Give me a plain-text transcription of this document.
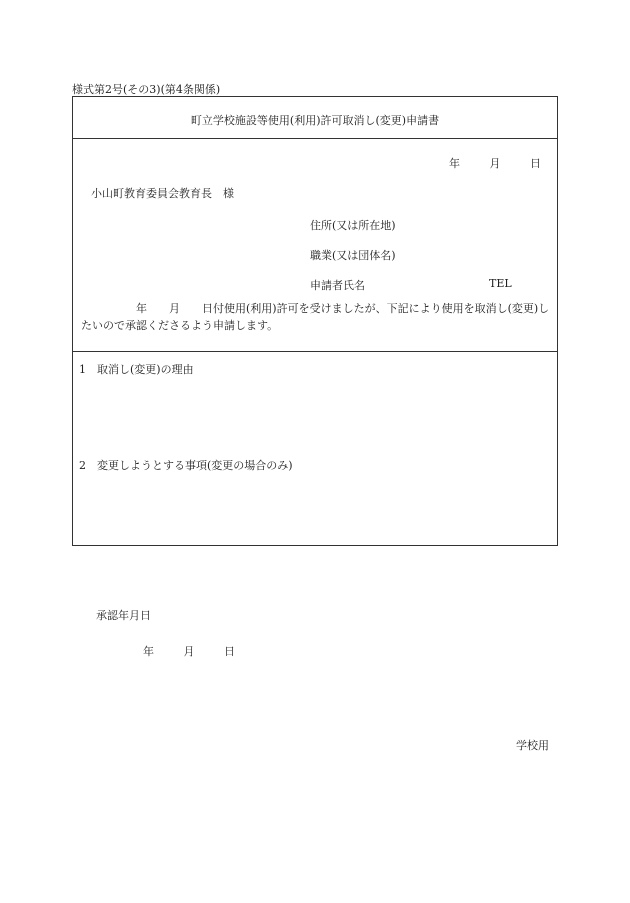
様式第2号(その3)(第4条関係)
町立学校施設等使用(利用)許可取消し(変更)申請書
年	月	日
小山町教育委員会教育長　様
住所(又は所在地)
職業(又は団体名)
申請者氏名	TEL
　　　　　年　　月　　日付使用(利用)許可を受けましたが、下記により使用を取消し(変更)したいので承認くださるよう申請します。
1　取消し(変更)の理由
2　変更しようとする事項(変更の場合のみ)
承認年月日
年	月	日
学校用
